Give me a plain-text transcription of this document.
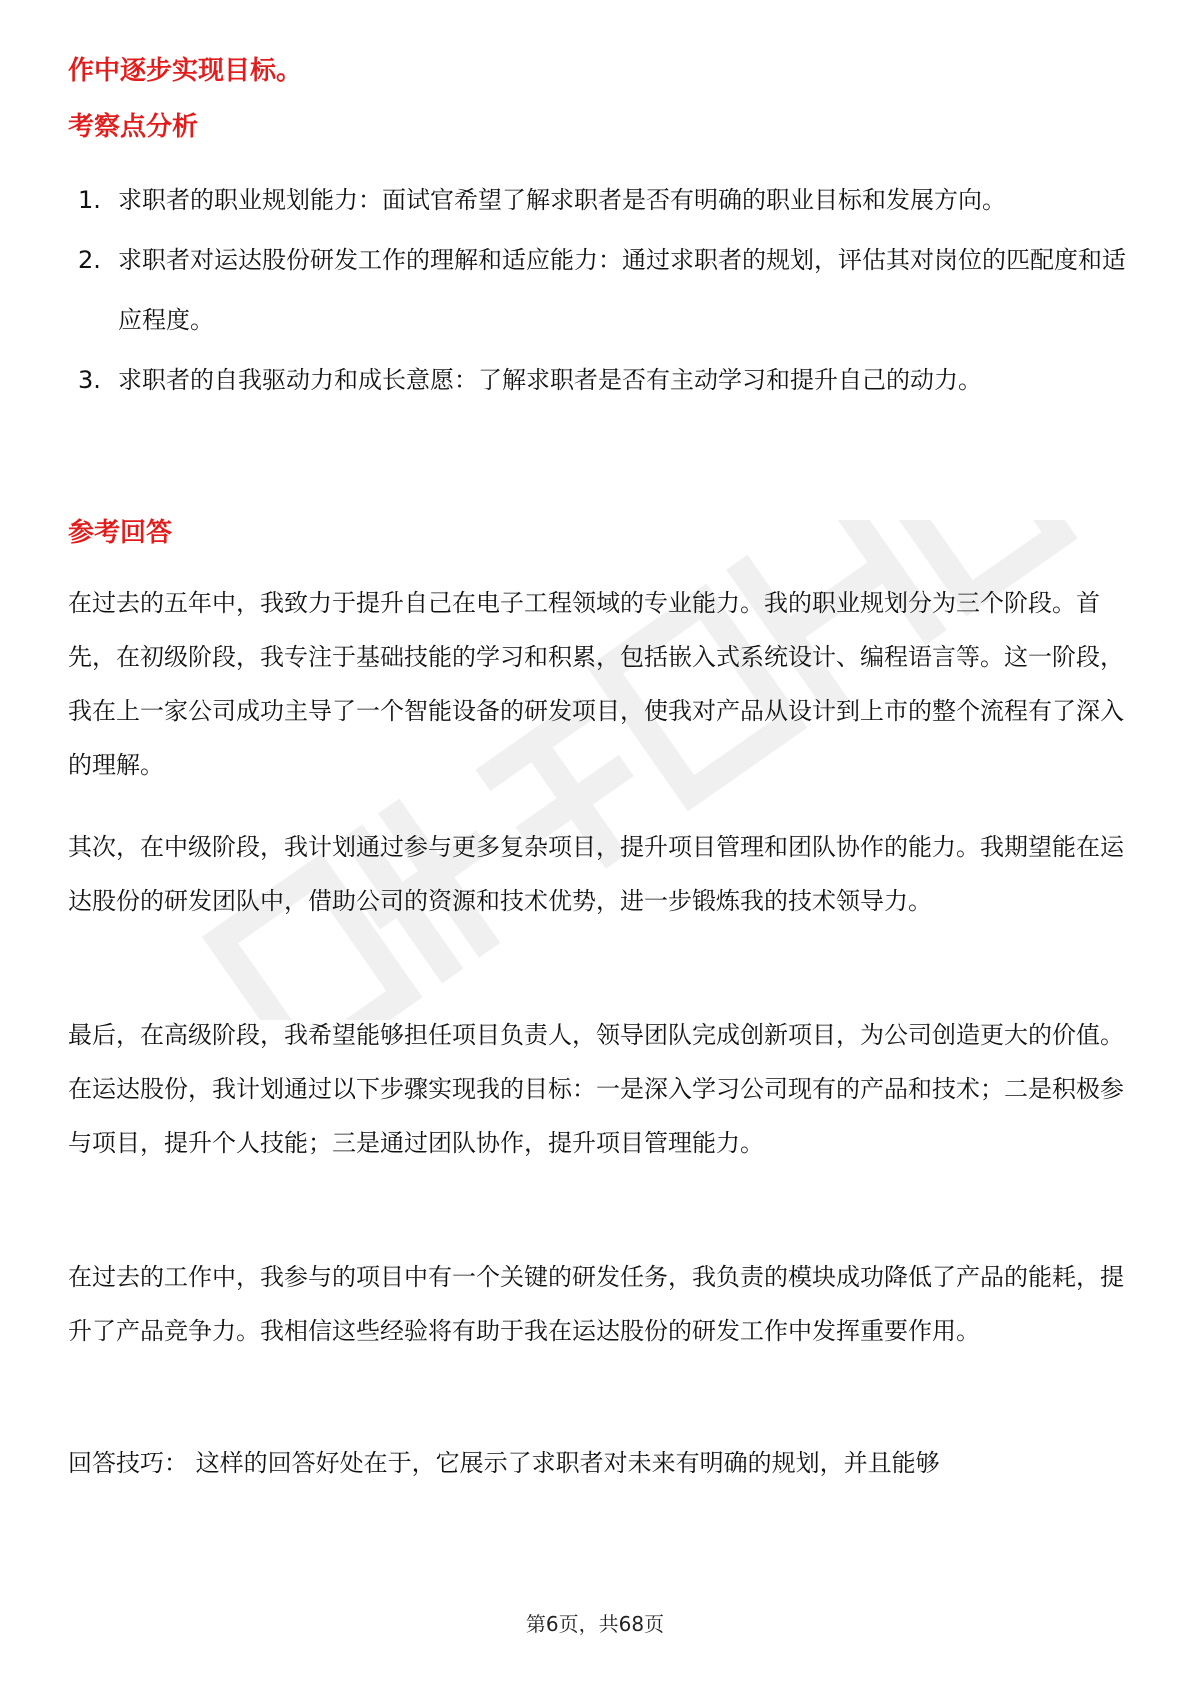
作中逐步实现目标。

考察点分析
1. 求职者的职业规划能力：面试官希望了解求职者是否有明确的职业目标和发展方向。
2. 求职者对运达股份研发工作的理解和适应能力：通过求职者的规划，评估其对岗位的匹配度和适应程度。
3. 求职者的自我驱动力和成长意愿：了解求职者是否有主动学习和提升自己的动力。
参考回答

在过去的五年中，我致力于提升自己在电子工程领域的专业能力。我的职业规划分为三个阶段。首先，在初级阶段，我专注于基础技能的学习和积累，包括嵌入式系统设计、编程语言等。这一阶段，我在上一家公司成功主导了一个智能设备的研发项目，使我对产品从设计到上市的整个流程有了深入的理解。

其次，在中级阶段，我计划通过参与更多复杂项目，提升项目管理和团队协作的能力。我期望能在运达股份的研发团队中，借助公司的资源和技术优势，进一步锻炼我的技术领导力。

最后，在高级阶段，我希望能够担任项目负责人，领导团队完成创新项目，为公司创造更大的价值。在运达股份，我计划通过以下步骤实现我的目标：一是深入学习公司现有的产品和技术；二是积极参与项目，提升个人技能；三是通过团队协作，提升项目管理能力。

在过去的工作中，我参与的项目中有一个关键的研发任务，我负责的模块成功降低了产品的能耗，提升了产品竞争力。我相信这些经验将有助于我在运达股份的研发工作中发挥重要作用。

回答技巧： 这样的回答好处在于，它展示了求职者对未来有明确的规划，并且能够

第6页，共68页
